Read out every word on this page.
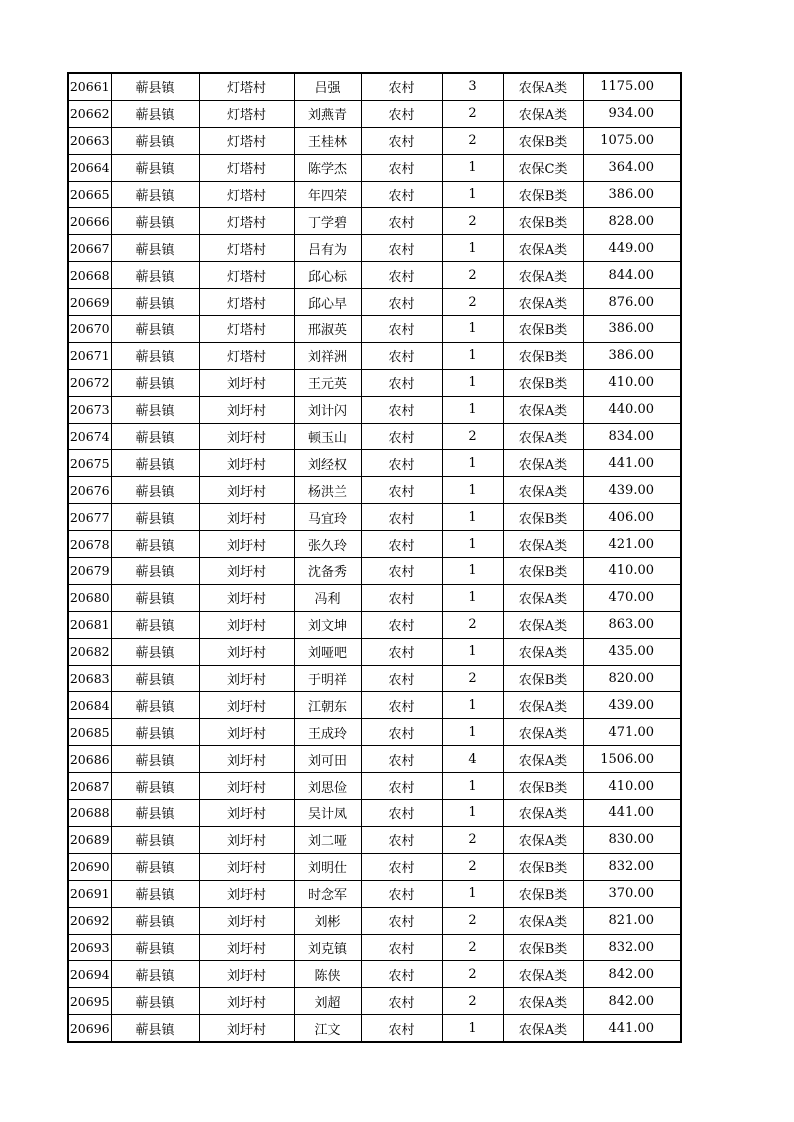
20661	蕲县镇	灯塔村	吕强	农村	3	农保A类	1175.00
20662	蕲县镇	灯塔村	刘燕青	农村	2	农保A类	934.00
20663	蕲县镇	灯塔村	王桂林	农村	2	农保B类	1075.00
20664	蕲县镇	灯塔村	陈学杰	农村	1	农保C类	364.00
20665	蕲县镇	灯塔村	年四荣	农村	1	农保B类	386.00
20666	蕲县镇	灯塔村	丁学碧	农村	2	农保B类	828.00
20667	蕲县镇	灯塔村	吕有为	农村	1	农保A类	449.00
20668	蕲县镇	灯塔村	邱心标	农村	2	农保A类	844.00
20669	蕲县镇	灯塔村	邱心早	农村	2	农保A类	876.00
20670	蕲县镇	灯塔村	邢淑英	农村	1	农保B类	386.00
20671	蕲县镇	灯塔村	刘祥洲	农村	1	农保B类	386.00
20672	蕲县镇	刘圩村	王元英	农村	1	农保B类	410.00
20673	蕲县镇	刘圩村	刘计闪	农村	1	农保A类	440.00
20674	蕲县镇	刘圩村	顿玉山	农村	2	农保A类	834.00
20675	蕲县镇	刘圩村	刘经权	农村	1	农保A类	441.00
20676	蕲县镇	刘圩村	杨洪兰	农村	1	农保A类	439.00
20677	蕲县镇	刘圩村	马宜玲	农村	1	农保B类	406.00
20678	蕲县镇	刘圩村	张久玲	农村	1	农保A类	421.00
20679	蕲县镇	刘圩村	沈备秀	农村	1	农保B类	410.00
20680	蕲县镇	刘圩村	冯利	农村	1	农保A类	470.00
20681	蕲县镇	刘圩村	刘文坤	农村	2	农保A类	863.00
20682	蕲县镇	刘圩村	刘哑吧	农村	1	农保A类	435.00
20683	蕲县镇	刘圩村	于明祥	农村	2	农保B类	820.00
20684	蕲县镇	刘圩村	江朝东	农村	1	农保A类	439.00
20685	蕲县镇	刘圩村	王成玲	农村	1	农保A类	471.00
20686	蕲县镇	刘圩村	刘可田	农村	4	农保A类	1506.00
20687	蕲县镇	刘圩村	刘思俭	农村	1	农保B类	410.00
20688	蕲县镇	刘圩村	吴计凤	农村	1	农保A类	441.00
20689	蕲县镇	刘圩村	刘二哑	农村	2	农保A类	830.00
20690	蕲县镇	刘圩村	刘明仕	农村	2	农保B类	832.00
20691	蕲县镇	刘圩村	时念军	农村	1	农保B类	370.00
20692	蕲县镇	刘圩村	刘彬	农村	2	农保A类	821.00
20693	蕲县镇	刘圩村	刘克镇	农村	2	农保B类	832.00
20694	蕲县镇	刘圩村	陈侠	农村	2	农保A类	842.00
20695	蕲县镇	刘圩村	刘超	农村	2	农保A类	842.00
20696	蕲县镇	刘圩村	江文	农村	1	农保A类	441.00
